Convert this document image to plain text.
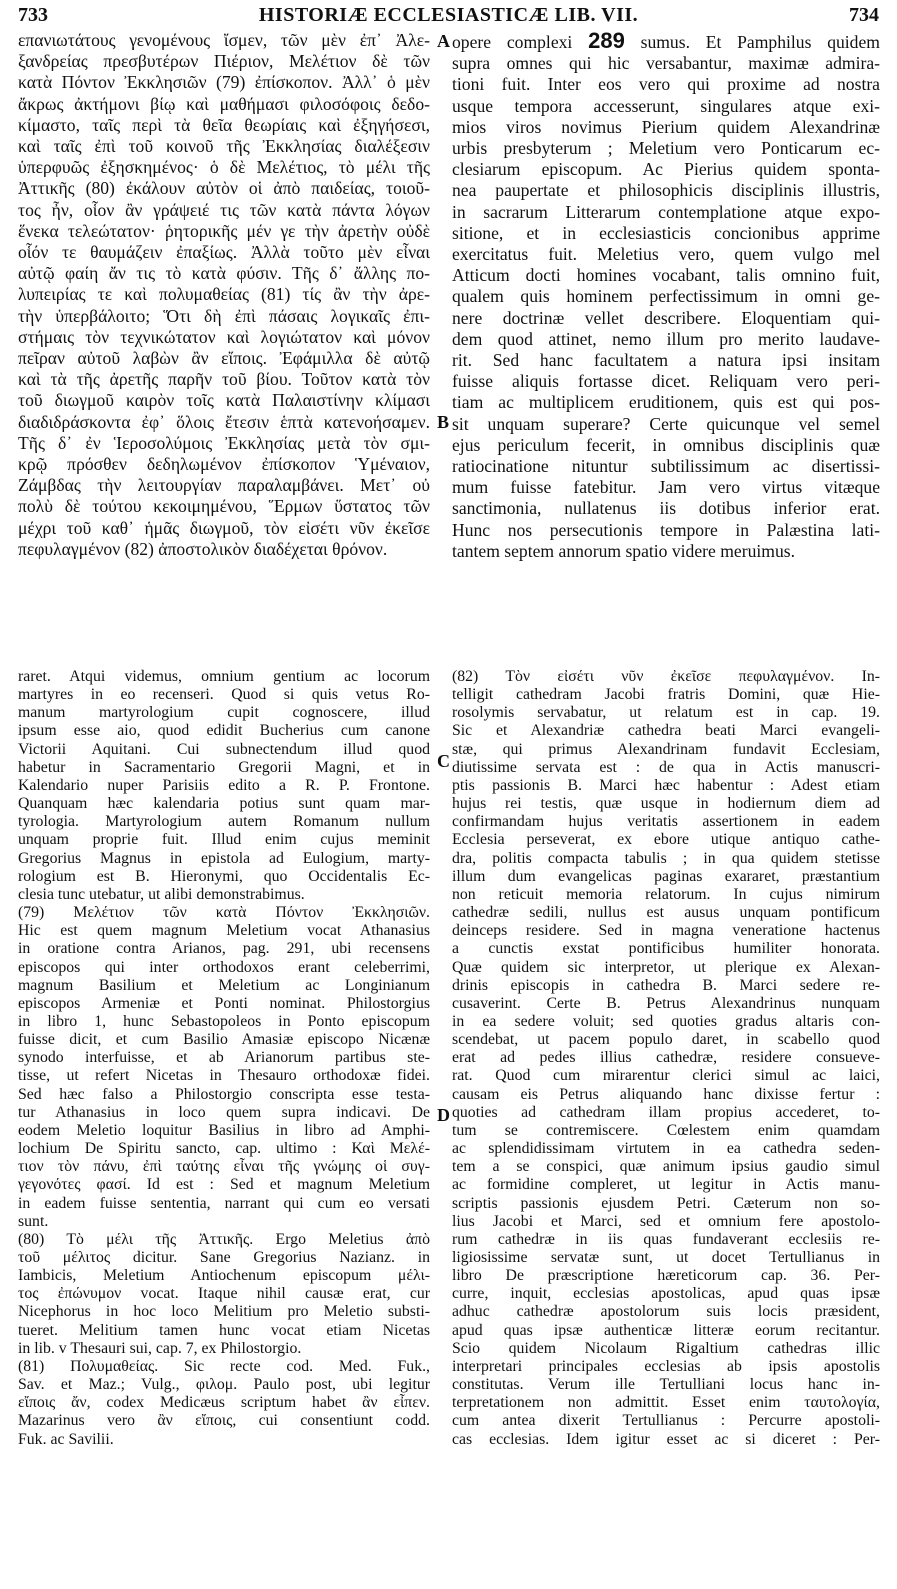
733	HISTORIÆ ECCLESIASTICÆ LIB. VII.	734
επανιωτάτους γενομένους ἴσμεν, τῶν μὲν ἐπ᾽ Ἀλε-
ξανδρείας πρεσβυτέρων Πιέριον, Μελέτιον δὲ τῶν
κατὰ Πόντον Ἐκκλησιῶν (79) ἐπίσκοπον. Ἀλλ᾽ ὁ μὲν
ἄκρως ἀκτήμονι βίῳ καὶ μαθήμασι φιλοσόφοις δεδο-
κίμαστο, ταῖς περὶ τὰ θεῖα θεωρίαις καὶ ἐξηγήσεσι,
καὶ ταῖς ἐπὶ τοῦ κοινοῦ τῆς Ἐκκλησίας διαλέξεσιν
ὑπερφυῶς ἐξησκημένος· ὁ δὲ Μελέτιος, τὸ μέλι τῆς
Ἀττικῆς (80) ἐκάλουν αὐτὸν οἱ ἀπὸ παιδείας, τοιοῦ-
τος ἦν, οἷον ἂν γράψειέ τις τῶν κατὰ πάντα λόγων
ἕνεκα τελεώτατον· ῥητορικῆς μέν γε τὴν ἀρετὴν οὐδὲ
οἷόν τε θαυμάζειν ἐπαξίως. Ἀλλὰ τοῦτο μὲν εἶναι
αὐτῷ φαίη ἄν τις τὸ κατὰ φύσιν. Τῆς δ᾽ ἄλλης πο-
λυπειρίας τε καὶ πολυμαθείας (81) τίς ἂν τὴν ἀρε-
τὴν ὑπερβάλοιτο; Ὅτι δὴ ἐπὶ πάσαις λογικαῖς ἐπι-
στήμαις τὸν τεχνικώτατον καὶ λογιώτατον καὶ μόνον
πεῖραν αὐτοῦ λαβὼν ἂν εἴποις. Ἐφάμιλλα δὲ αὐτῷ
καὶ τὰ τῆς ἀρετῆς παρῆν τοῦ βίου. Τοῦτον κατὰ τὸν
τοῦ διωγμοῦ καιρὸν τοῖς κατὰ Παλαιστίνην κλίμασι
διαδιδράσκοντα ἐφ᾽ ὅλοις ἔτεσιν ἑπτὰ κατενοήσαμεν.
Τῆς δ᾽ ἐν Ἱεροσολύμοις Ἐκκλησίας μετὰ τὸν σμι-
κρῷ πρόσθεν δεδηλωμένον ἐπίσκοπον Ὑμέναιον,
Ζάμβδας τὴν λειτουργίαν παραλαμβάνει. Μετ᾽ οὐ
πολὺ δὲ τούτου κεκοιμημένου, Ἕρμων ὕστατος τῶν
μέχρι τοῦ καθ᾽ ἡμᾶς διωγμοῦ, τὸν εἰσέτι νῦν ἐκεῖσε
πεφυλαγμένον (82) ἀποστολικὸν διαδέχεται θρόνον.
opere complexi 289 sumus. Et Pamphilus quidem
supra omnes qui hic versabantur, maximæ admira-
tioni fuit. Inter eos vero qui proxime ad nostra
usque tempora accesserunt, singulares atque exi-
mios viros novimus Pierium quidem Alexandrinæ
urbis presbyterum ; Meletium vero Ponticarum ec-
clesiarum episcopum. Ac Pierius quidem sponta-
nea paupertate et philosophicis disciplinis illustris,
in sacrarum Litterarum contemplatione atque expo-
sitione, et in ecclesiasticis concionibus apprime
exercitatus fuit. Meletius vero, quem vulgo mel
Atticum docti homines vocabant, talis omnino fuit,
qualem quis hominem perfectissimum in omni ge-
nere doctrinæ vellet describere. Eloquentiam qui-
dem quod attinet, nemo illum pro merito laudave-
rit. Sed hanc facultatem a natura ipsi insitam
fuisse aliquis fortasse dicet. Reliquam vero peri-
tiam ac multiplicem eruditionem, quis est qui pos-
sit unquam superare? Certe quicunque vel semel
ejus periculum fecerit, in omnibus disciplinis quæ
ratiocinatione nituntur subtilissimum ac disertissi-
mum fuisse fatebitur. Jam vero virtus vitæque
sanctimonia, nullatenus iis dotibus inferior erat.
Hunc nos persecutionis tempore in Palæstina lati-
tantem septem annorum spatio videre meruimus.
A
B
C
D
raret. Atqui videmus, omnium gentium ac locorum
martyres in eo recenseri. Quod si quis vetus Ro-
manum martyrologium cupit cognoscere, illud
ipsum esse aio, quod edidit Bucherius cum canone
Victorii Aquitani. Cui subnectendum illud quod
habetur in Sacramentario Gregorii Magni, et in
Kalendario nuper Parisiis edito a R. P. Frontone.
Quanquam hæc kalendaria potius sunt quam mar-
tyrologia. Martyrologium autem Romanum nullum
unquam proprie fuit. Illud enim cujus meminit
Gregorius Magnus in epistola ad Eulogium, marty-
rologium est B. Hieronymi, quo Occidentalis Ec-
clesia tunc utebatur, ut alibi demonstrabimus.
(79) Μελέτιον τῶν κατὰ Πόντον Ἐκκλησιῶν.
Hic est quem magnum Meletium vocat Athanasius
in oratione contra Arianos, pag. 291, ubi recensens
episcopos qui inter orthodoxos erant celeberrimi,
magnum Basilium et Meletium ac Longinianum
episcopos Armeniæ et Ponti nominat. Philostorgius
in libro 1, hunc Sebastopoleos in Ponto episcopum
fuisse dicit, et cum Basilio Amasiæ episcopo Nicænæ
synodo interfuisse, et ab Arianorum partibus ste-
tisse, ut refert Nicetas in Thesauro orthodoxæ fidei.
Sed hæc falso a Philostorgio conscripta esse testa-
tur Athanasius in loco quem supra indicavi. De
eodem Meletio loquitur Basilius in libro ad Amphi-
lochium De Spiritu sancto, cap. ultimo : Καὶ Μελέ-
τιον τὸν πάνυ, ἐπὶ ταύτης εἶναι τῆς γνώμης οἱ συγ-
γεγονότες φασί. Id est : Sed et magnum Meletium
in eadem fuisse sententia, narrant qui cum eo versati
sunt.
(80) Τὸ μέλι τῆς Ἀττικῆς. Ergo Meletius ἀπὸ
τοῦ μέλιτος dicitur. Sane Gregorius Nazianz. in
Iambicis, Meletium Antiochenum episcopum μέλι-
τος ἐπώνυμον vocat. Itaque nihil causæ erat, cur
Nicephorus in hoc loco Melitium pro Meletio substi-
tueret. Melitium tamen hunc vocat etiam Nicetas
in lib. v Thesauri sui, cap. 7, ex Philostorgio.
(81) Πολυμαθείας. Sic recte cod. Med. Fuk.,
Sav. et Maz.; Vulg., φιλομ. Paulo post, ubi legitur
εἴποις ἄν, codex Medicæus scriptum habet ἂν εἶπεν.
Mazarinus vero ἂν εἴποις, cui consentiunt codd.
Fuk. ac Savilii.
(82) Τὸν εἰσέτι νῦν ἐκεῖσε πεφυλαγμένον. In-
telligit cathedram Jacobi fratris Domini, quæ Hie-
rosolymis servabatur, ut relatum est in cap. 19.
Sic et Alexandriæ cathedra beati Marci evangeli-
stæ, qui primus Alexandrinam fundavit Ecclesiam,
diutissime servata est : de qua in Actis manuscri-
ptis passionis B. Marci hæc habentur : Adest etiam
hujus rei testis, quæ usque in hodiernum diem ad
confirmandam hujus veritatis assertionem in eadem
Ecclesia perseverat, ex ebore utique antiquo cathe-
dra, politis compacta tabulis ; in qua quidem stetisse
illum dum evangelicas paginas exararet, præstantium
non reticuit memoria relatorum. In cujus nimirum
cathedræ sedili, nullus est ausus unquam pontificum
deinceps residere. Sed in magna veneratione hactenus
a cunctis exstat pontificibus humiliter honorata.
Quæ quidem sic interpretor, ut plerique ex Alexan-
drinis episcopis in cathedra B. Marci sedere re-
cusaverint. Certe B. Petrus Alexandrinus nunquam
in ea sedere voluit; sed quoties gradus altaris con-
scendebat, ut pacem populo daret, in scabello quod
erat ad pedes illius cathedræ, residere consueve-
rat. Quod cum mirarentur clerici simul ac laici,
causam eis Petrus aliquando hanc dixisse fertur :
quoties ad cathedram illam propius accederet, to-
tum se contremiscere. Cœlestem enim quamdam
ac splendidissimam virtutem in ea cathedra seden-
tem a se conspici, quæ animum ipsius gaudio simul
ac formidine compleret, ut legitur in Actis manu-
scriptis passionis ejusdem Petri. Cæterum non so-
lius Jacobi et Marci, sed et omnium fere apostolo-
rum cathedræ in iis quas fundaverant ecclesiis re-
ligiosissime servatæ sunt, ut docet Tertullianus in
libro De præscriptione hæreticorum cap. 36. Per-
curre, inquit, ecclesias apostolicas, apud quas ipsæ
adhuc cathedræ apostolorum suis locis præsident,
apud quas ipsæ authenticæ litteræ eorum recitantur.
Scio quidem Nicolaum Rigaltium cathedras illic
interpretari principales ecclesias ab ipsis apostolis
constitutas. Verum ille Tertulliani locus hanc in-
terpretationem non admittit. Esset enim ταυτολογία,
cum antea dixerit Tertullianus : Percurre apostoli-
cas ecclesias. Idem igitur esset ac si diceret : Per-
